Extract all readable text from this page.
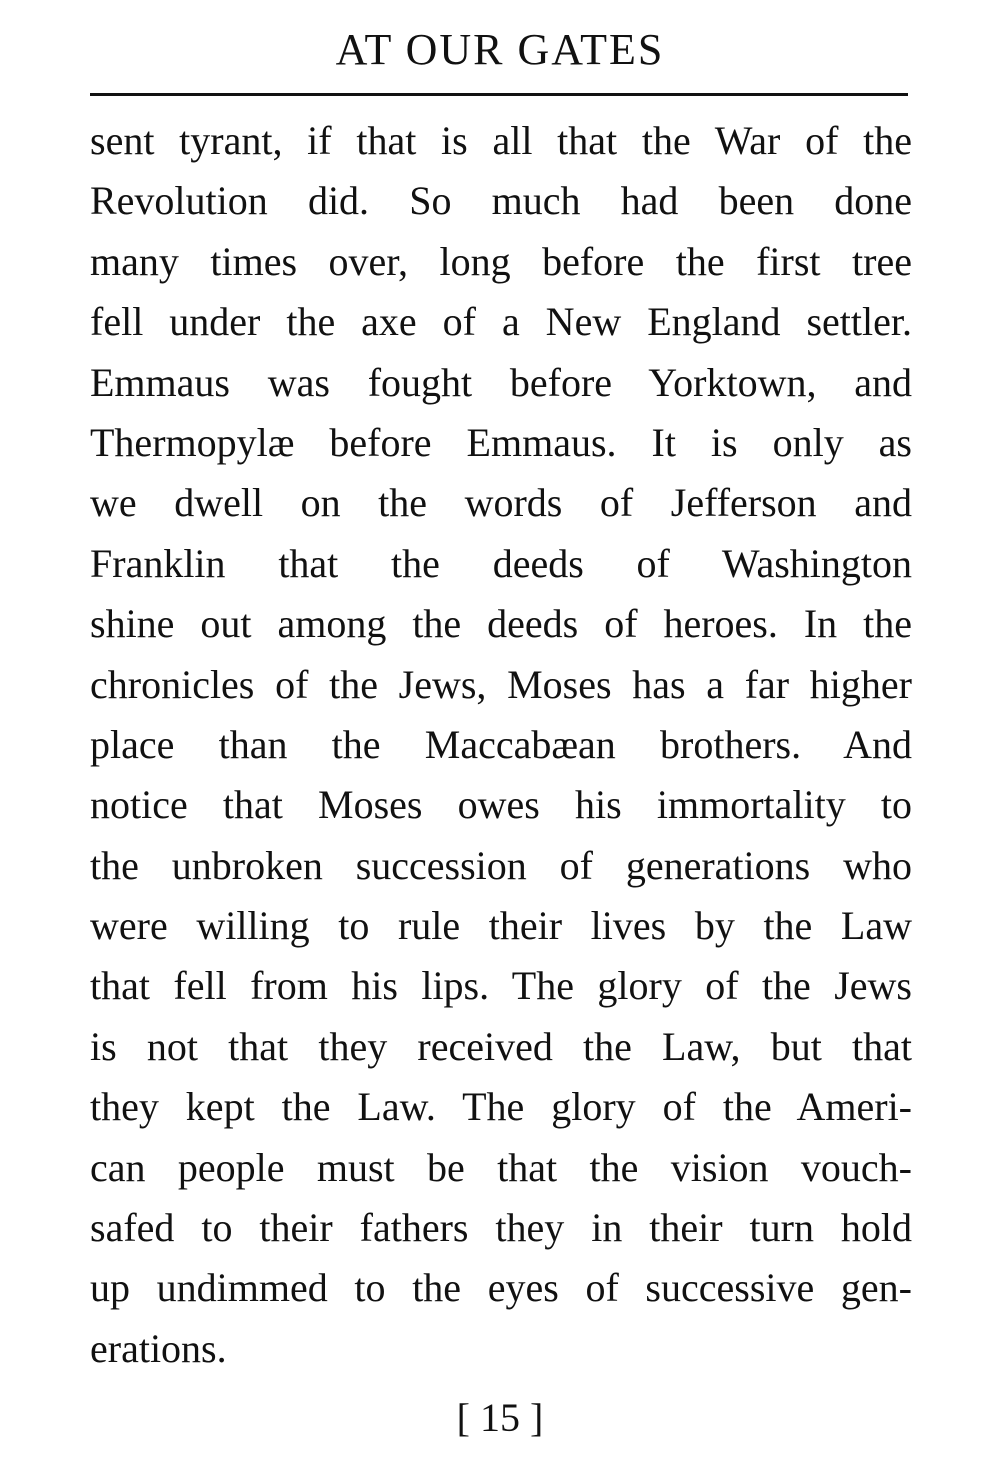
AT OUR GATES
sent tyrant, if that is all that the War of the
Revolution did. So much had been done
many times over, long before the first tree
fell under the axe of a New England settler.
Emmaus was fought before Yorktown, and
Thermopylæ before Emmaus. It is only as
we dwell on the words of Jefferson and
Franklin that the deeds of Washington
shine out among the deeds of heroes. In the
chronicles of the Jews, Moses has a far higher
place than the Maccabæan brothers. And
notice that Moses owes his immortality to
the unbroken succession of generations who
were willing to rule their lives by the Law
that fell from his lips. The glory of the Jews
is not that they received the Law, but that
they kept the Law. The glory of the Ameri-
can people must be that the vision vouch-
safed to their fathers they in their turn hold
up undimmed to the eyes of successive gen-
erations.
[ 15 ]
